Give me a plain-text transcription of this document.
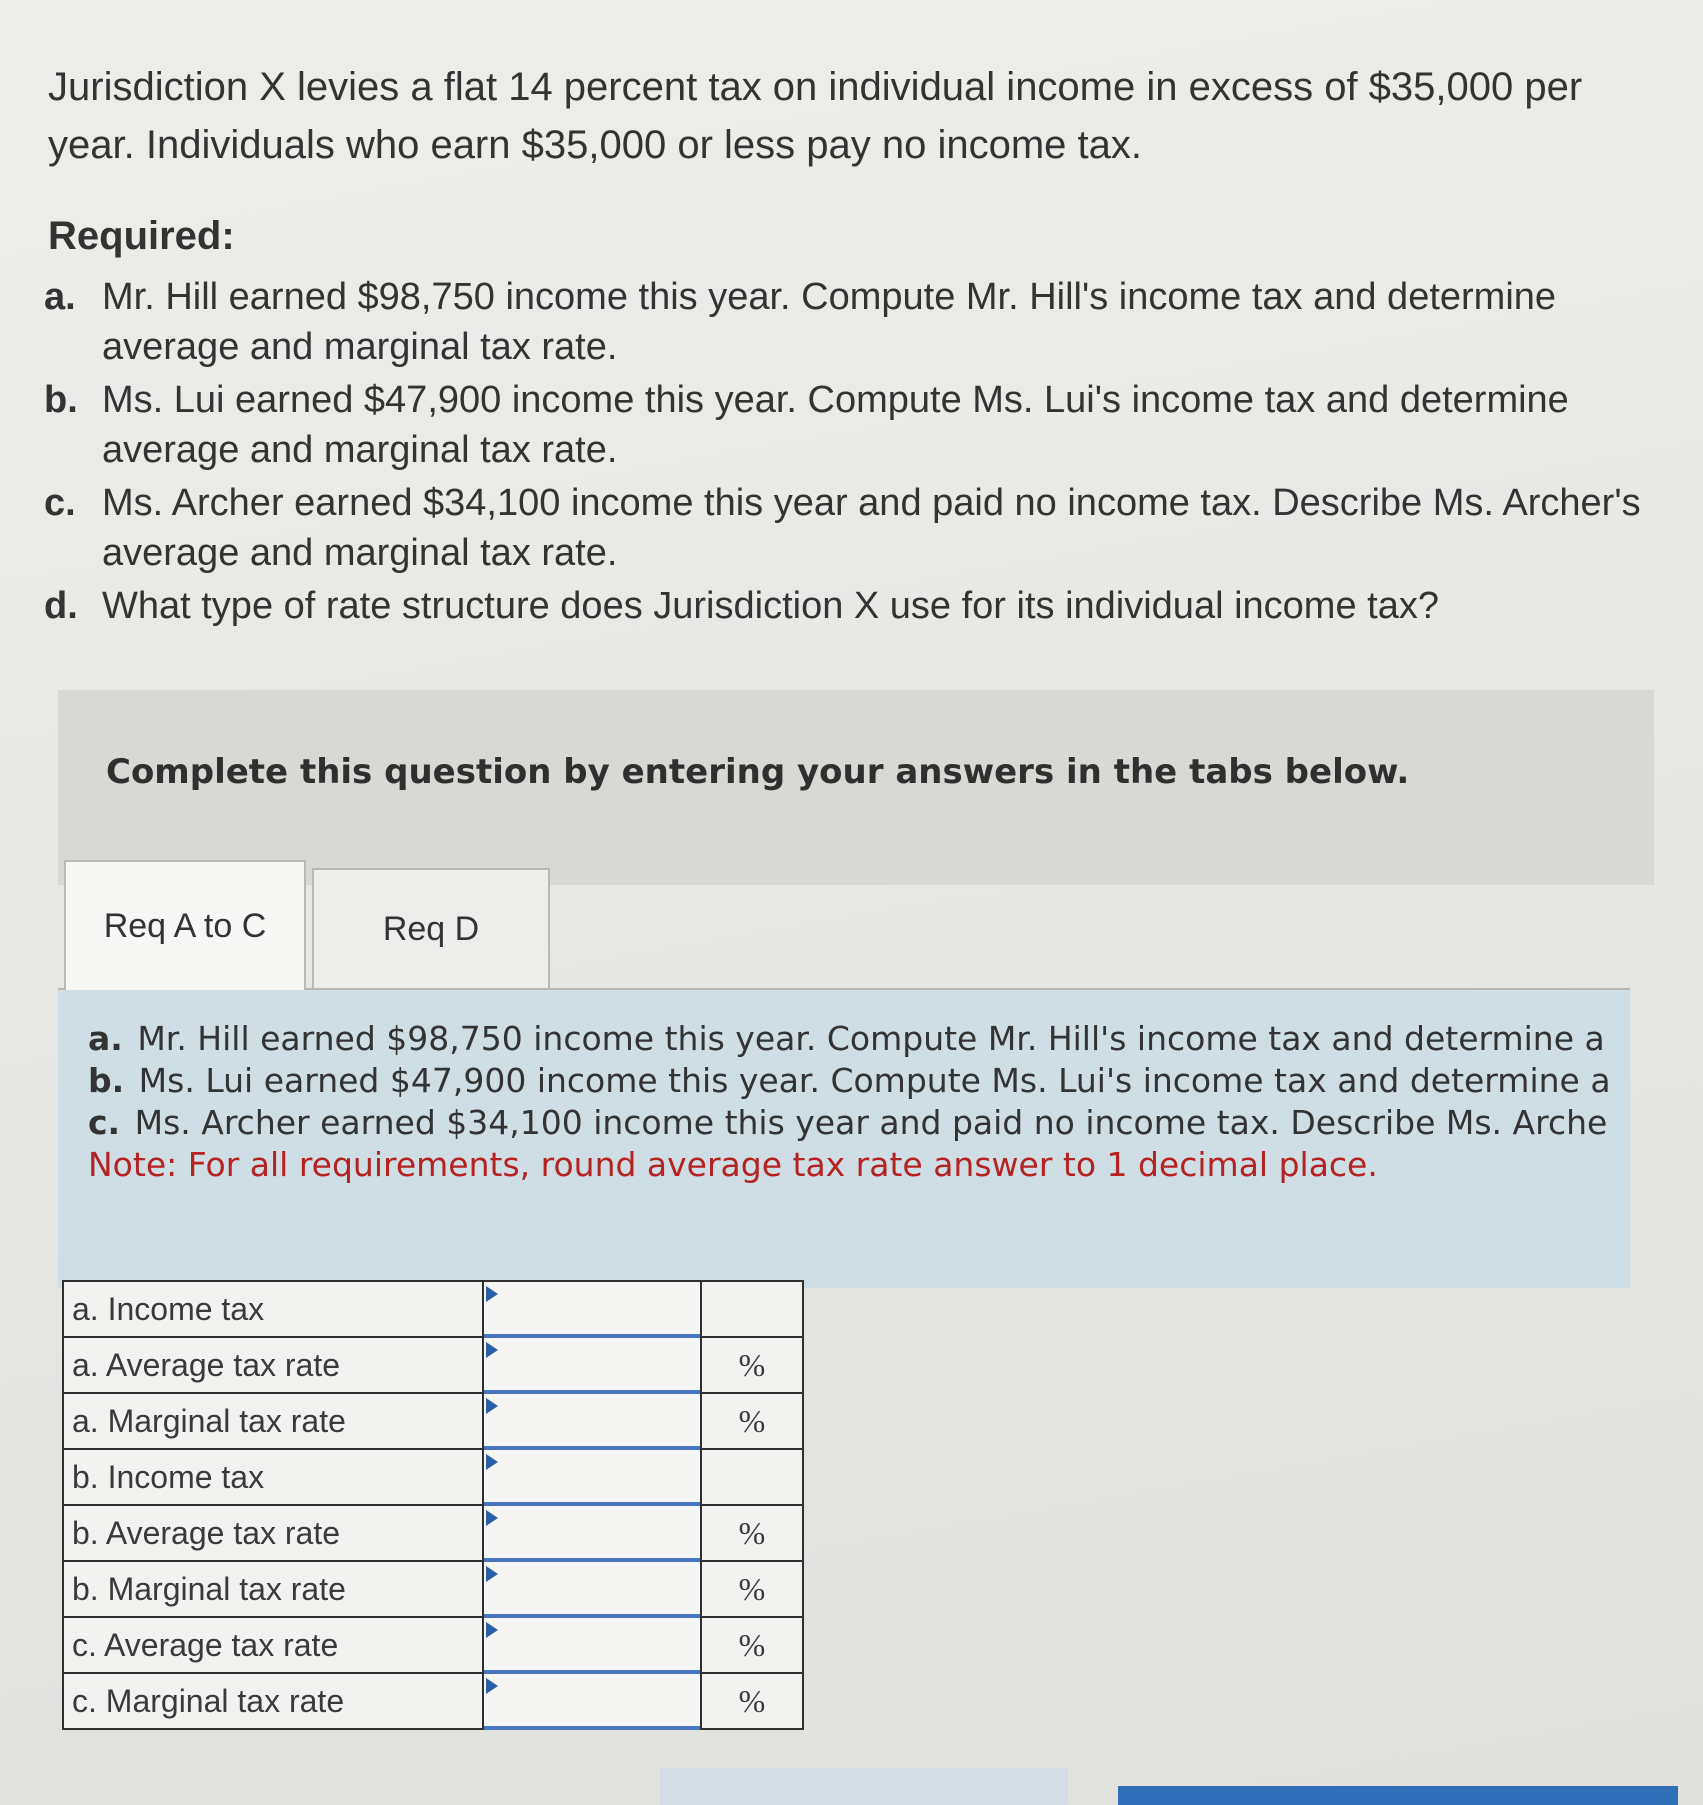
Jurisdiction X levies a flat 14 percent tax on individual income in excess of $35,000 per year. Individuals who earn $35,000 or less pay no income tax.

Required:
a. Mr. Hill earned $98,750 income this year. Compute Mr. Hill's income tax and determine average and marginal tax rate.
b. Ms. Lui earned $47,900 income this year. Compute Ms. Lui's income tax and determine average and marginal tax rate.
c. Ms. Archer earned $34,100 income this year and paid no income tax. Describe Ms. Archer's average and marginal tax rate.
d. What type of rate structure does Jurisdiction X use for its individual income tax?
Complete this question by entering your answers in the tabs below.
Req A to C	Req D
a. Mr. Hill earned $98,750 income this year. Compute Mr. Hill's income tax and determine a
b. Ms. Lui earned $47,900 income this year. Compute Ms. Lui's income tax and determine a
c. Ms. Archer earned $34,100 income this year and paid no income tax. Describe Ms. Arche
Note: For all requirements, round average tax rate answer to 1 decimal place.
a. Income tax	

a. Average tax rate		%
a. Marginal tax rate		%
b. Income tax	

b. Average tax rate		%
b. Marginal tax rate		%
c. Average tax rate		%
c. Marginal tax rate		%
